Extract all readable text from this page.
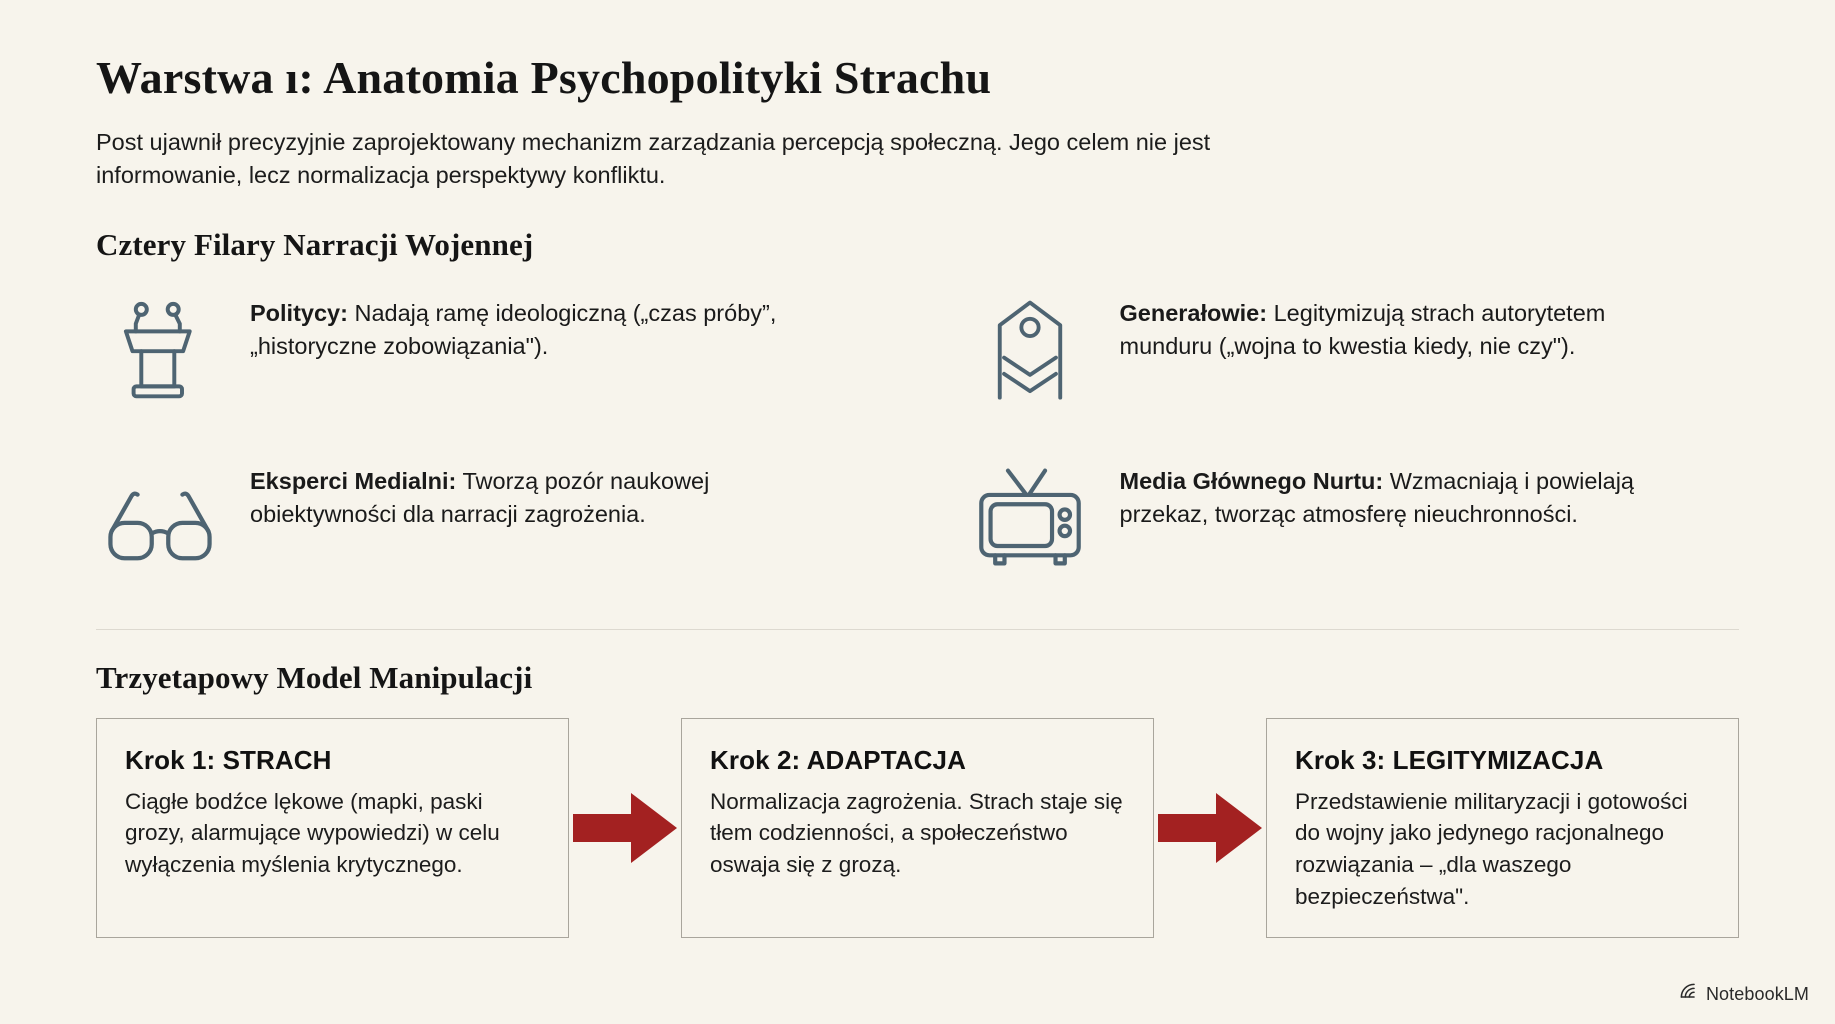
Warstwa ı: Anatomia Psychopolityki Strachu

Post ujawnił precyzyjnie zaprojektowany mechanizm zarządzania percepcją społeczną. Jego celem nie jest informowanie, lecz normalizacja perspektywy konfliktu.

Cztery Filary Narracji Wojennej
Politycy: Nadają ramę ideologiczną („czas próby”, „historyczne zobowiązania").
Generałowie: Legitymizują strach autorytetem munduru („wojna to kwestia kiedy, nie czy").
Eksperci Medialni: Tworzą pozór naukowej obiektywności dla narracji zagrożenia.
Media Głównego Nurtu: Wzmacniają i powielają przekaz, tworząc atmosferę nieuchronności.
Trzyetapowy Model Manipulacji
Krok 1: STRACH
Ciągłe bodźce lękowe (mapki, paski grozy, alarmujące wypowiedzi) w celu wyłączenia myślenia krytycznego.
Krok 2: ADAPTACJA
Normalizacja zagrożenia. Strach staje się tłem codzienności, a społeczeństwo oswaja się z grozą.
Krok 3: LEGITYMIZACJA
Przedstawienie militaryzacji i gotowości do wojny jako jedynego racjonalnego rozwiązania – „dla waszego bezpieczeństwa".
NotebookLM
